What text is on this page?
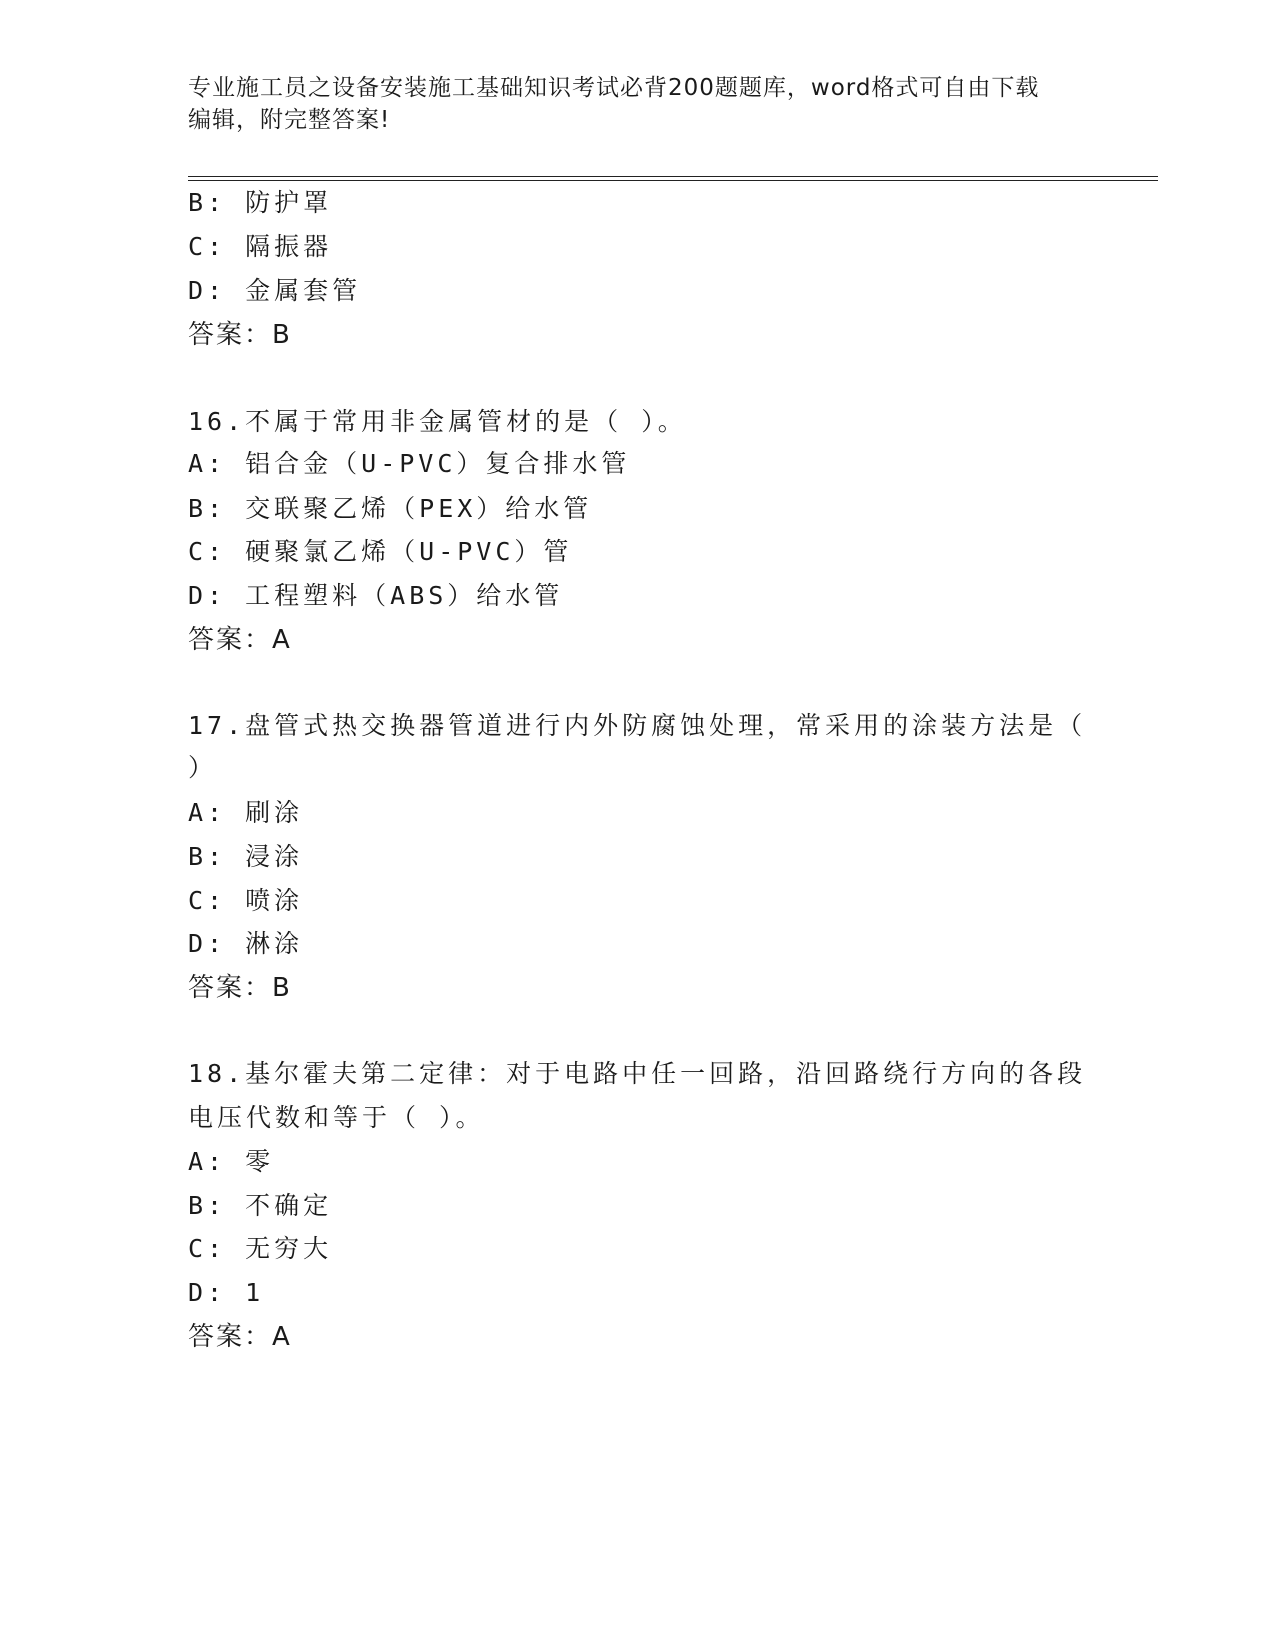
专业施工员之设备安装施工基础知识考试必背200题题库，word格式可自由下载
编辑，附完整答案!
B: 防护罩
C: 隔振器
D: 金属套管
答案：B
16.不属于常用非金属管材的是（ ）。
A: 铝合金（U-PVC）复合排水管
B: 交联聚乙烯（PEX）给水管
C: 硬聚氯乙烯（U-PVC）管
D: 工程塑料（ABS）给水管
答案：A
17.盘管式热交换器管道进行内外防腐蚀处理，常采用的涂装方法是（
）
A: 刷涂
B: 浸涂
C: 喷涂
D: 淋涂
答案：B
18.基尔霍夫第二定律：对于电路中任一回路，沿回路绕行方向的各段
电压代数和等于（ ）。
A: 零
B: 不确定
C: 无穷大
D: 1
答案：A
